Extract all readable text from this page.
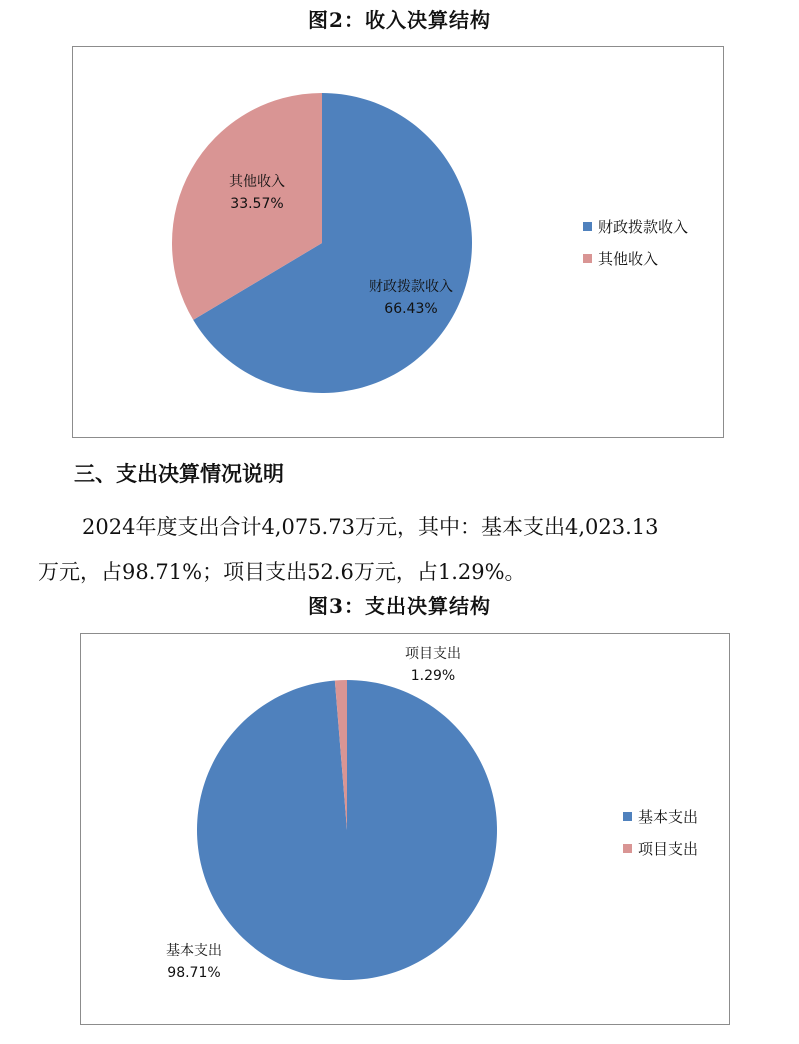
图2：收入决算结构
财政拨款收入
66.43%
其他收入
33.57%
财政拨款收入
其他收入
三、支出决算情况说明
2024年度支出合计4,075.73万元，其中：基本支出4,023.13
万元，占98.71%；项目支出52.6万元，占1.29%。
图3：支出决算结构
基本支出
98.71%
项目支出
1.29%
基本支出
项目支出
